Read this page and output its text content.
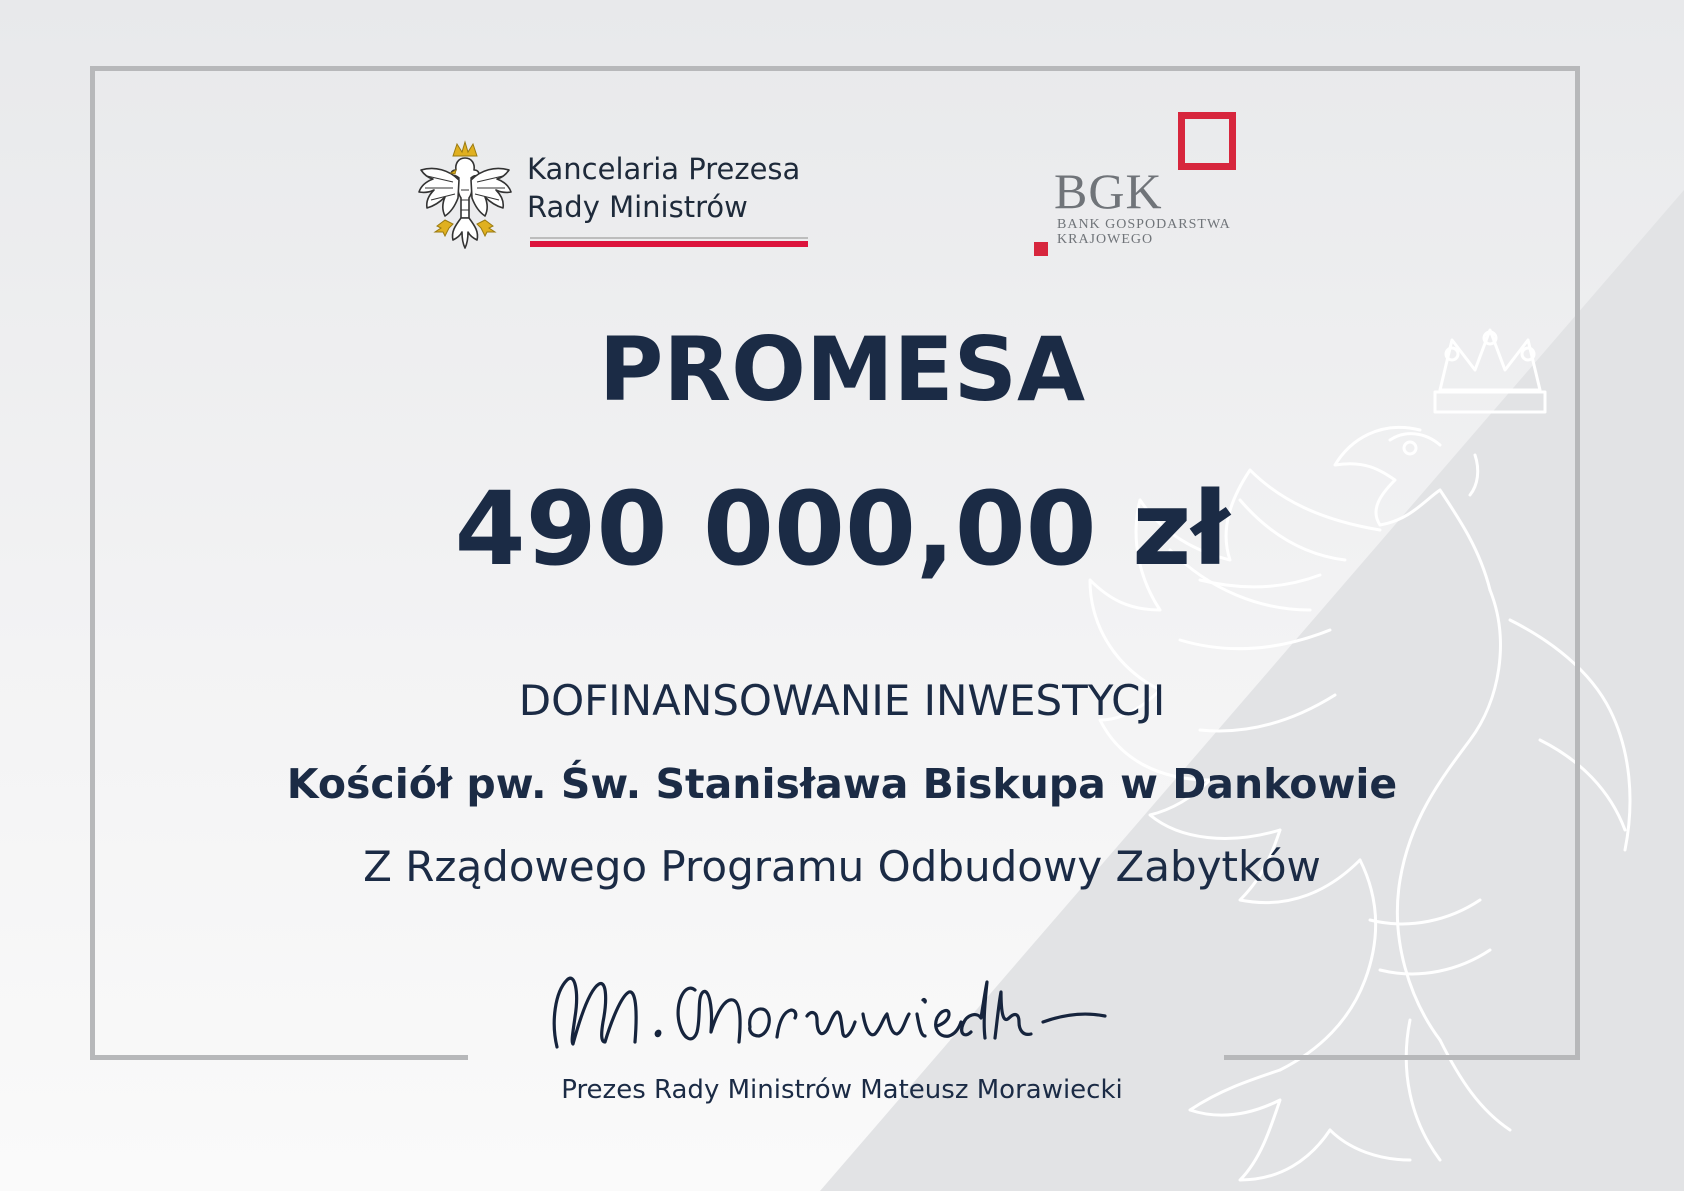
Kancelaria Prezesa
Rady Ministrów	BGK
BANK GOSPODARSTWA
KRAJOWEGO
PROMESA
490 000,00 zł
DOFINANSOWANIE INWESTYCJI
Kościół pw. Św. Stanisława Biskupa w Dankowie
Z Rządowego Programu Odbudowy Zabytków
Prezes Rady Ministrów Mateusz Morawiecki
